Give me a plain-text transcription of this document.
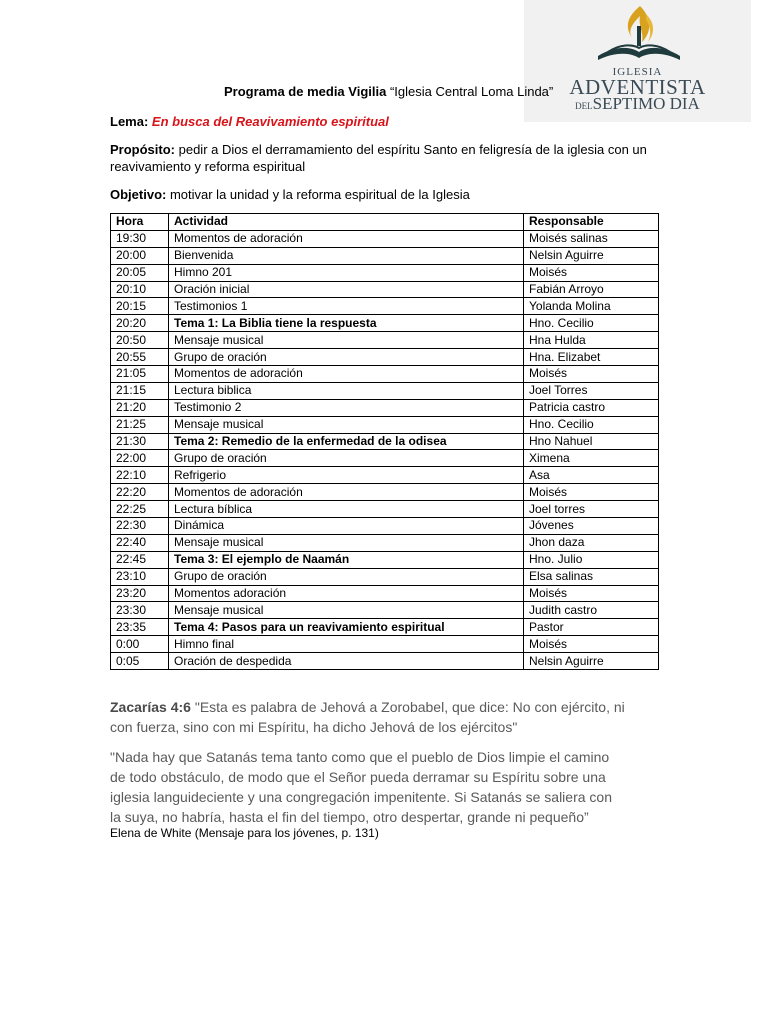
IGLESIA
ADVENTISTA
DELSEPTIMO DIA
Programa de media Vigilia “Iglesia Central Loma Linda”
Lema: En busca del Reavivamiento espiritual
Propósito: pedir a Dios el derramamiento del espíritu Santo en feligresía de la iglesia con un
reavivamiento y reforma espiritual
Objetivo: motivar la unidad y la reforma espiritual de la Iglesia
Hora	Actividad	Responsable
19:30	Momentos de adoración	Moisés salinas
20:00	Bienvenida	Nelsin Aguirre
20:05	Himno 201	Moisés
20:10	Oración inicial	Fabián Arroyo
20:15	Testimonios 1	Yolanda Molina
20:20	Tema 1: La Biblia tiene la respuesta	Hno. Cecilio
20:50	Mensaje musical	Hna Hulda
20:55	Grupo de oración	Hna. Elizabet
21:05	Momentos de adoración	Moisés
21:15	Lectura biblica	Joel Torres
21:20	Testimonio 2	Patricia castro
21:25	Mensaje musical	Hno. Cecilio
21:30	Tema 2: Remedio de la enfermedad de la odisea	Hno Nahuel
22:00	Grupo de oración	Ximena
22:10	Refrigerio	Asa
22:20	Momentos de adoración	Moisés
22:25	Lectura bíblica	Joel torres
22:30	Dinámica	Jóvenes
22:40	Mensaje musical	Jhon daza
22:45	Tema 3: El ejemplo de Naamán	Hno. Julio
23:10	Grupo de oración	Elsa salinas
23:20	Momentos adoración	Moisés
23:30	Mensaje musical	Judith castro
23:35	Tema 4: Pasos para un reavivamiento espiritual	Pastor
0:00	Himno final	Moisés
0:05	Oración de despedida	Nelsin Aguirre
Zacarías 4:6 "Esta es palabra de Jehová a Zorobabel, que dice: No con ejército, ni
con fuerza, sino con mi Espíritu, ha dicho Jehová de los ejércitos"
"Nada hay que Satanás tema tanto como que el pueblo de Dios limpie el camino
de todo obstáculo, de modo que el Señor pueda derramar su Espíritu sobre una
iglesia languideciente y una congregación impenitente. Si Satanás se saliera con
la suya, no habría, hasta el fin del tiempo, otro despertar, grande ni pequeño”
Elena de White (Mensaje para los jóvenes, p. 131)
